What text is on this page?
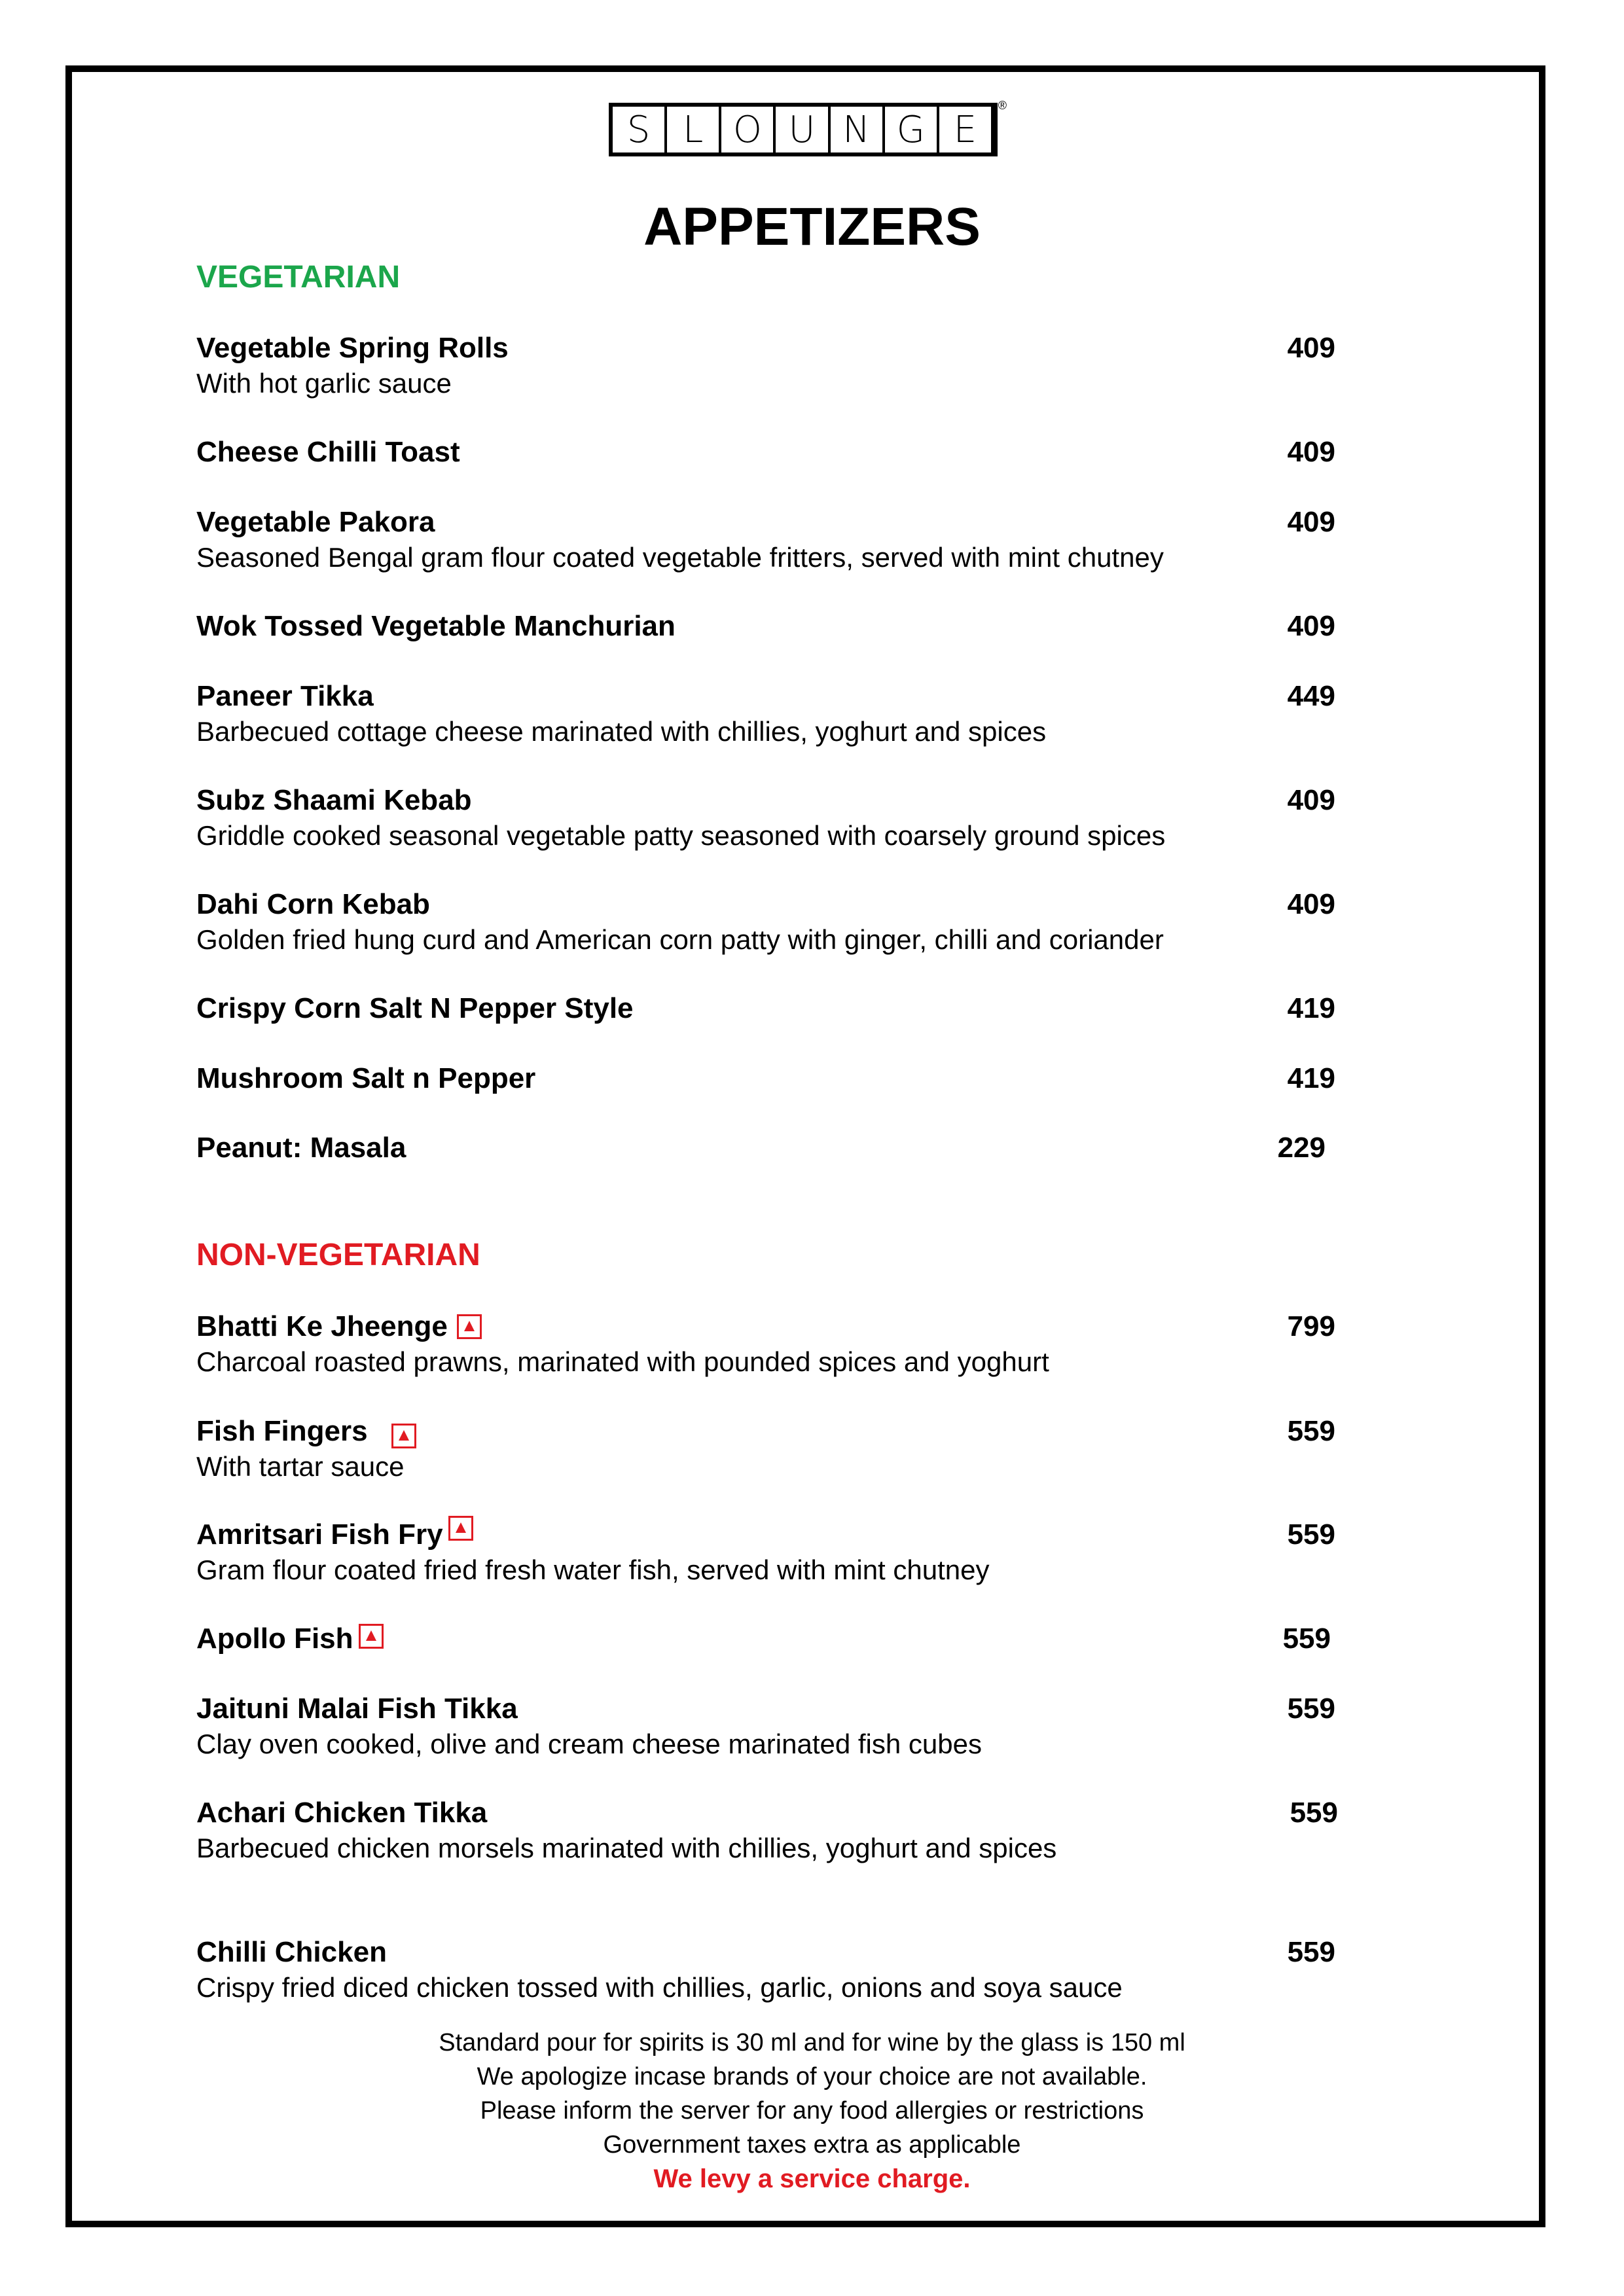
S L O U N G E
®
APPETIZERS
VEGETARIAN
Vegetable Spring Rolls	409
With hot garlic sauce
Cheese Chilli Toast	409
Vegetable Pakora	409
Seasoned Bengal gram flour coated vegetable fritters, served with mint chutney
Wok Tossed Vegetable Manchurian	409
Paneer Tikka	449
Barbecued cottage cheese marinated with chillies, yoghurt and spices
Subz Shaami Kebab	409
Griddle cooked seasonal vegetable patty seasoned with coarsely ground spices
Dahi Corn Kebab	409
Golden fried hung curd and American corn patty with ginger, chilli and coriander
Crispy Corn Salt N Pepper Style	419
Mushroom Salt n Pepper	419
Peanut: Masala	229
NON-VEGETARIAN
Bhatti Ke Jheenge	799
Charcoal roasted prawns, marinated with pounded spices and yoghurt
Fish Fingers	559
With tartar sauce
Amritsari Fish Fry	559
Gram flour coated fried fresh water fish, served with mint chutney
Apollo Fish	559
Jaituni Malai Fish Tikka	559
Clay oven cooked, olive and cream cheese marinated fish cubes
Achari Chicken Tikka	559
Barbecued chicken morsels marinated with chillies, yoghurt and spices
Chilli Chicken	559
Crispy fried diced chicken tossed with chillies, garlic, onions and soya sauce
Standard pour for spirits is 30 ml and for wine by the glass is 150 ml
We apologize incase brands of your choice are not available.
Please inform the server for any food allergies or restrictions
Government taxes extra as applicable
We levy a service charge.
